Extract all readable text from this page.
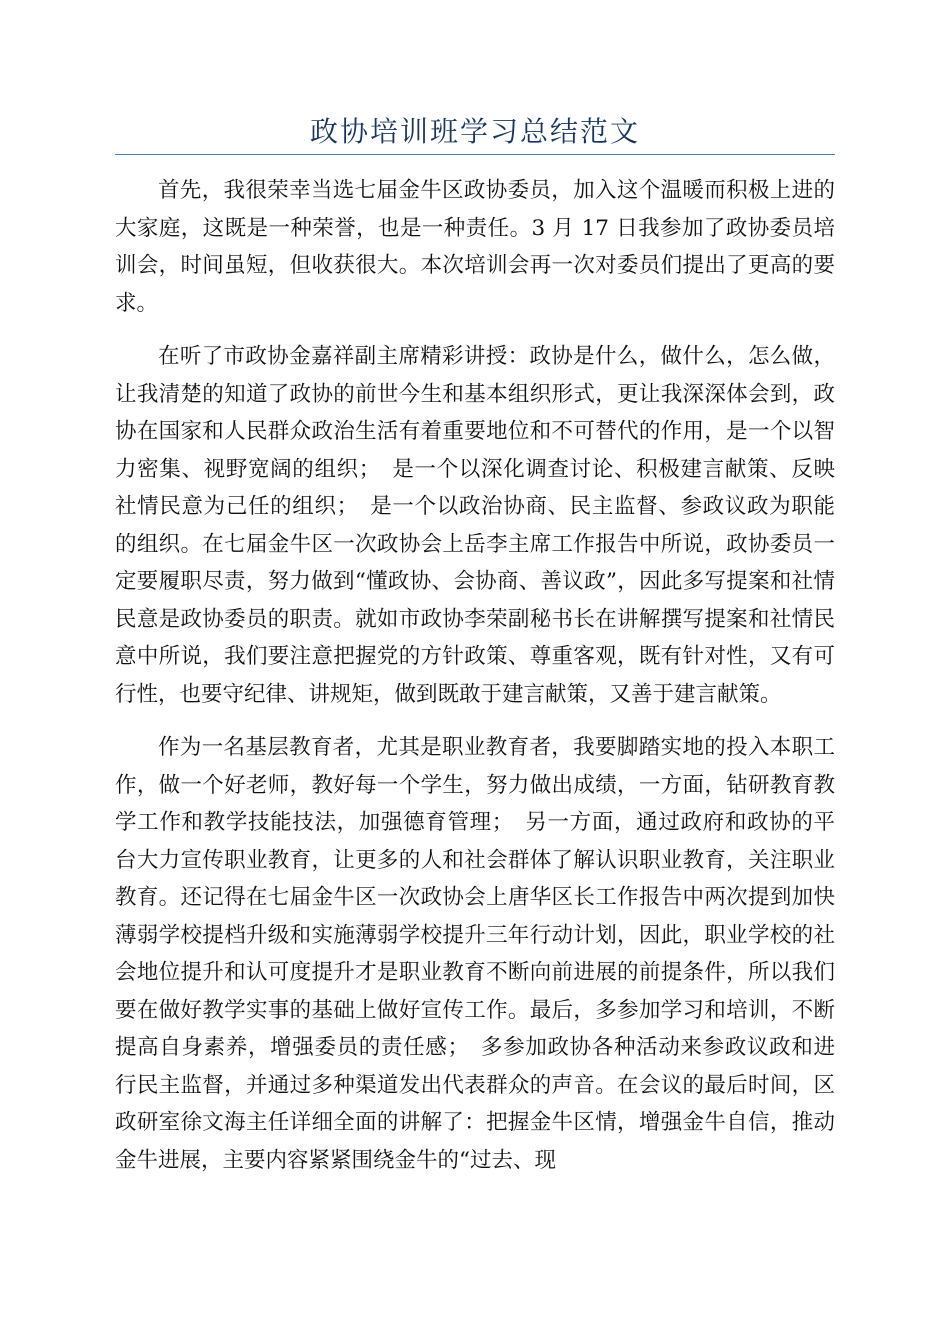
政协培训班学习总结范文

首先，我很荣幸当选七届金牛区政协委员，加入这个温暖而积极上进的大家庭，这既是一种荣誉，也是一种责任。3 月 17 日我参加了政协委员培训会，时间虽短，但收获很大。本次培训会再一次对委员们提出了更高的要求。

在听了市政协金嘉祥副主席精彩讲授：政协是什么，做什么，怎么做，让我清楚的知道了政协的前世今生和基本组织形式，更让我深深体会到，政协在国家和人民群众政治生活有着重要地位和不可替代的作用，是一个以智力密集、视野宽阔的组织；　是一个以深化调查讨论、积极建言献策、反映社情民意为己任的组织；　是一个以政治协商、民主监督、参政议政为职能的组织。在七届金牛区一次政协会上岳李主席工作报告中所说，政协委员一定要履职尽责，努力做到“懂政协、会协商、善议政”，因此多写提案和社情民意是政协委员的职责。就如市政协李荣副秘书长在讲解撰写提案和社情民意中所说，我们要注意把握党的方针政策、尊重客观，既有针对性，又有可行性，也要守纪律、讲规矩，做到既敢于建言献策，又善于建言献策。

作为一名基层教育者，尤其是职业教育者，我要脚踏实地的投入本职工作，做一个好老师，教好每一个学生，努力做出成绩，一方面，钻研教育教学工作和教学技能技法，加强德育管理；　另一方面，通过政府和政协的平台大力宣传职业教育，让更多的人和社会群体了解认识职业教育，关注职业教育。还记得在七届金牛区一次政协会上唐华区长工作报告中两次提到加快薄弱学校提档升级和实施薄弱学校提升三年行动计划，因此，职业学校的社会地位提升和认可度提升才是职业教育不断向前进展的前提条件，所以我们要在做好教学实事的基础上做好宣传工作。最后，多参加学习和培训，不断提高自身素养，增强委员的责任感；　多参加政协各种活动来参政议政和进行民主监督，并通过多种渠道发出代表群众的声音。在会议的最后时间，区政研室徐文海主任详细全面的讲解了：把握金牛区情，增强金牛自信，推动金牛进展，主要内容紧紧围绕金牛的“过去、现
